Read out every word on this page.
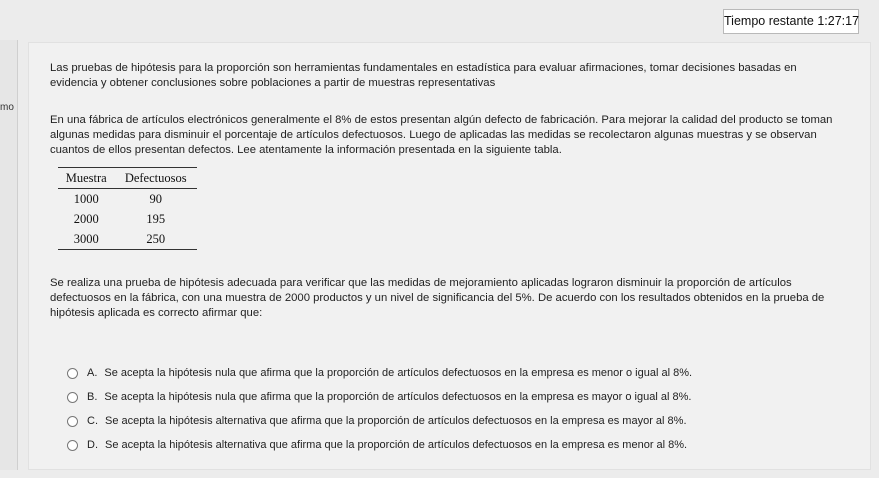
Tiempo restante 1:27:17
mo
Las pruebas de hipótesis para la proporción son herramientas fundamentales en estadística para evaluar afirmaciones, tomar decisiones basadas en evidencia y obtener conclusiones sobre poblaciones a partir de muestras representativas
En una fábrica de artículos electrónicos generalmente el 8% de estos presentan algún defecto de fabricación. Para mejorar la calidad del producto se toman algunas medidas para disminuir el porcentaje de artículos defectuosos. Luego de aplicadas las medidas se recolectaron algunas muestras y se observan cuantos de ellos presentan defectos. Lee atentamente la información presentada en la siguiente tabla.
Muestra	Defectuosos
1000	90
2000	195
3000	250
Se realiza una prueba de hipótesis adecuada para verificar que las medidas de mejoramiento aplicadas lograron disminuir la proporción de artículos defectuosos en la fábrica, con una muestra de 2000 productos y un nivel de significancia del 5%. De acuerdo con los resultados obtenidos en la prueba de hipótesis aplicada es correcto afirmar que:
A. Se acepta la hipótesis nula que afirma que la proporción de artículos defectuosos en la empresa es menor o igual al 8%.
B. Se acepta la hipótesis nula que afirma que la proporción de artículos defectuosos en la empresa es mayor o igual al 8%.
C. Se acepta la hipótesis alternativa que afirma que la proporción de artículos defectuosos en la empresa es mayor al 8%.
D. Se acepta la hipótesis alternativa que afirma que la proporción de artículos defectuosos en la empresa es menor al 8%.
